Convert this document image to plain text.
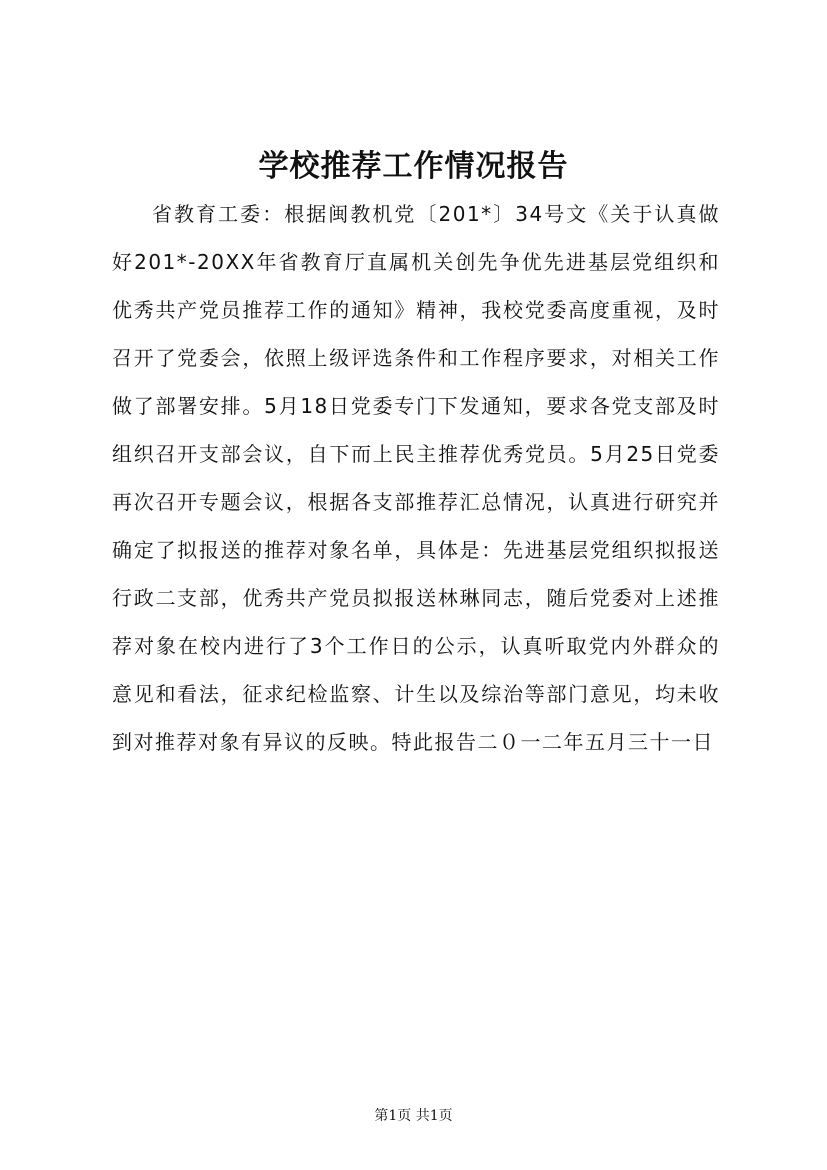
学校推荐工作情况报告

省教育工委：根据闽教机党〔201*〕34号文《关于认真做好201*-20XX年省教育厅直属机关创先争优先进基层党组织和优秀共产党员推荐工作的通知》精神，我校党委高度重视，及时召开了党委会，依照上级评选条件和工作程序要求，对相关工作做了部署安排。5月18日党委专门下发通知，要求各党支部及时组织召开支部会议，自下而上民主推荐优秀党员。5月25日党委再次召开专题会议，根据各支部推荐汇总情况，认真进行研究并确定了拟报送的推荐对象名单，具体是：先进基层党组织拟报送行政二支部，优秀共产党员拟报送林琳同志，随后党委对上述推荐对象在校内进行了3个工作日的公示，认真听取党内外群众的意见和看法，征求纪检监察、计生以及综治等部门意见，均未收到对推荐对象有异议的反映。特此报告二０一二年五月三十一日

第1页 共1页
